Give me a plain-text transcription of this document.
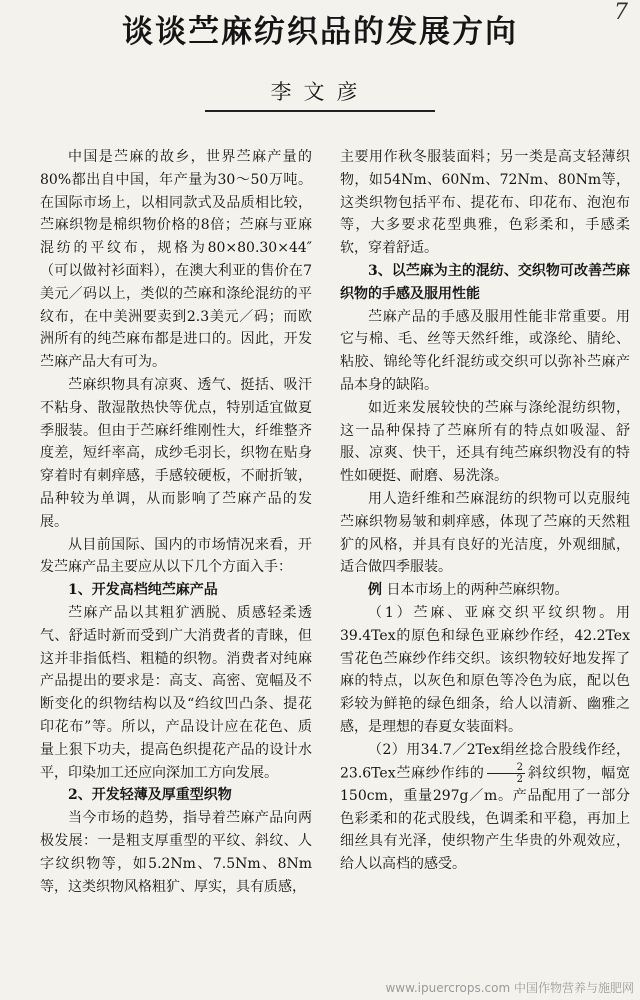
谈谈苎麻纺织品的发展方向
7
李文彦

中国是苎麻的故乡，世界苎麻产量的80%都出自中国，年产量为30～50万吨。在国际市场上，以相同款式及品质相比较，苎麻织物是棉织物价格的8倍；苎麻与亚麻混纺的平纹布，规格为80×80.30×44″（可以做衬衫面料），在澳大利亚的售价在7美元／码以上，类似的苎麻和涤纶混纺的平纹布，在中美洲要卖到2.3美元／码；而欧洲所有的纯苎麻布都是进口的。因此，开发苎麻产品大有可为。

苎麻织物具有凉爽、透气、挺括、吸汗不粘身、散湿散热快等优点，特别适宜做夏季服装。但由于苎麻纤维刚性大，纤维整齐度差，短纤率高，成纱毛羽长，织物在贴身穿着时有刺痒感，手感较硬板，不耐折皱，品种较为单调，从而影响了苎麻产品的发展。

从目前国际、国内的市场情况来看，开发苎麻产品主要应从以下几个方面入手：

1、开发高档纯苎麻产品

苎麻产品以其粗犷洒脱、质感轻柔透气、舒适时新而受到广大消费者的青睐，但这并非指低档、粗糙的织物。消费者对纯麻产品提出的要求是：高支、高密、宽幅及不断变化的织物结构以及“绉纹凹凸条、提花印花布”等。所以，产品设计应在花色、质量上狠下功夫，提高色织提花产品的设计水平，印染加工还应向深加工方向发展。

2、开发轻薄及厚重型织物

当今市场的趋势，指导着苎麻产品向两极发展：一是粗支厚重型的平纹、斜纹、人字纹织物等，如5.2Nm、7.5Nm、8Nm等，这类织物风格粗犷、厚实，具有质感，

主要用作秋冬服装面料；另一类是高支轻薄织物，如54Nm、60Nm、72Nm、80Nm等，这类织物包括平布、提花布、印花布、泡泡布等，大多要求花型典雅，色彩柔和，手感柔软，穿着舒适。

3、以苎麻为主的混纺、交织物可改善苎麻织物的手感及服用性能

苎麻产品的手感及服用性能非常重要。用它与棉、毛、丝等天然纤维，或涤纶、腈纶、粘胶、锦纶等化纤混纺或交织可以弥补苎麻产品本身的缺陷。

如近来发展较快的苎麻与涤纶混纺织物，这一品种保持了苎麻所有的特点如吸湿、舒服、凉爽、快干，还具有纯苎麻织物没有的特性如硬挺、耐磨、易洗涤。

用人造纤维和苎麻混纺的织物可以克服纯苎麻织物易皱和刺痒感，体现了苎麻的天然粗犷的风格，并具有良好的光洁度，外观细腻，适合做四季服装。

例 日本市场上的两种苎麻织物。

（1）苎麻、亚麻交织平纹织物。用39.4Tex的原色和绿色亚麻纱作经，42.2Tex雪花色苎麻纱作纬交织。该织物较好地发挥了麻的特点，以灰色和原色等冷色为底，配以色彩较为鲜艳的绿色细条，给人以清新、幽雅之感，是理想的春夏女装面料。

（2）用34.7／2Tex绢丝捻合股线作经，23.6Tex苎麻纱作纬的 $\frac{2}{2}$ 斜纹织物，幅宽150cm，重量297g／m。产品配用了一部分色彩柔和的花式股线，色调柔和平稳，再加上细丝具有光泽，使织物产生华贵的外观效应，给人以高档的感受。

www.ipuercrops.com 中国作物营养与施肥网
